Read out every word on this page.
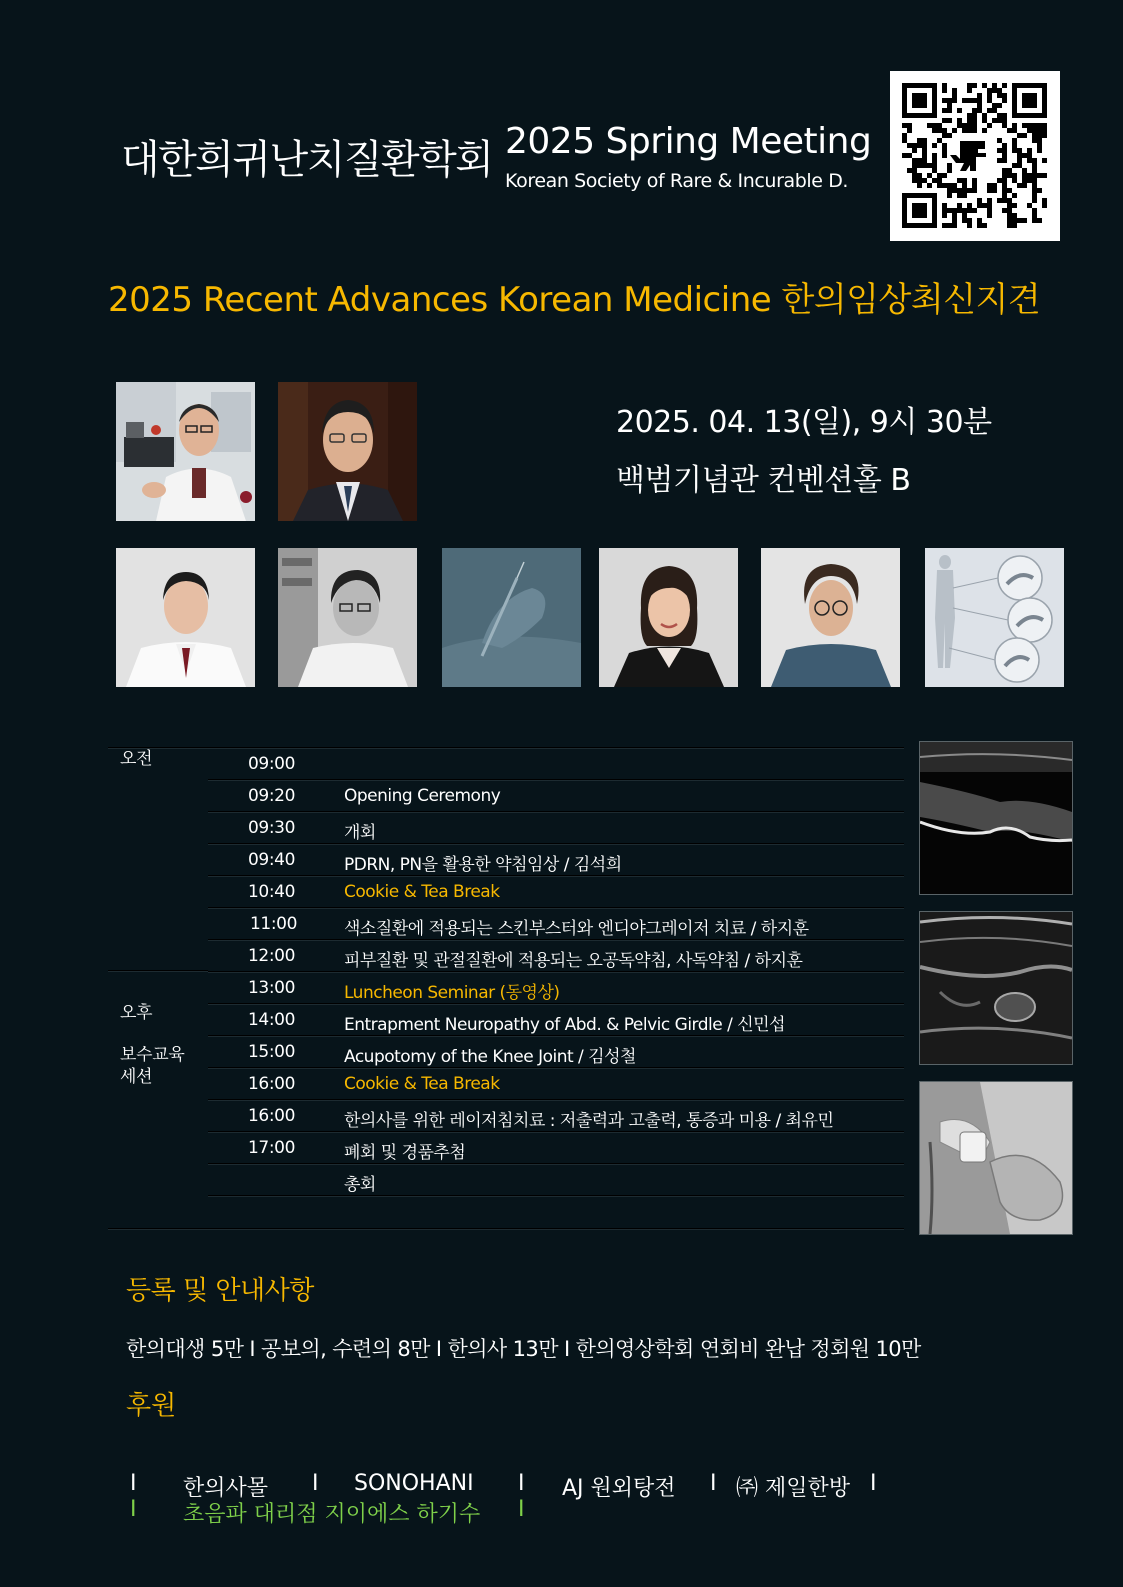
대한희귀난치질환학회 2025 Spring Meeting
Korean Society of Rare & Incurable D.
2025 Recent Advances Korean Medicine 한의임상최신지견
2025. 04. 13(일), 9시 30분
백범기념관 컨벤션홀 B
오전
오후
보수교육
세션
09:00
09:20	Opening Ceremony
09:30	개회
09:40	PDRN, PN을 활용한 약침임상 / 김석희
10:40	Cookie & Tea Break
11:00	색소질환에 적용되는 스킨부스터와 엔디야그레이저 치료 / 하지훈
12:00	피부질환 및 관절질환에 적용되는 오공독약침, 사독약침 / 하지훈
13:00	Luncheon Seminar (동영상)
14:00	Entrapment Neuropathy of Abd. & Pelvic Girdle / 신민섭
15:00	Acupotomy of the Knee Joint / 김성철
16:00	Cookie & Tea Break
16:00	한의사를 위한 레이저침치료 : 저출력과 고출력, 통증과 미용 / 최유민
17:00	폐회 및 경품추첨
총회
등록 및 안내사항
한의대생 5만 I 공보의, 수련의 8만 I 한의사 13만 I 한의영상학회 연회비 완납 정회원 10만
후원
I 한의사몰 I SONOHANI I AJ 원외탕전 I ㈜ 제일한방 I
I 초음파 대리점 지이에스 하기수 I
